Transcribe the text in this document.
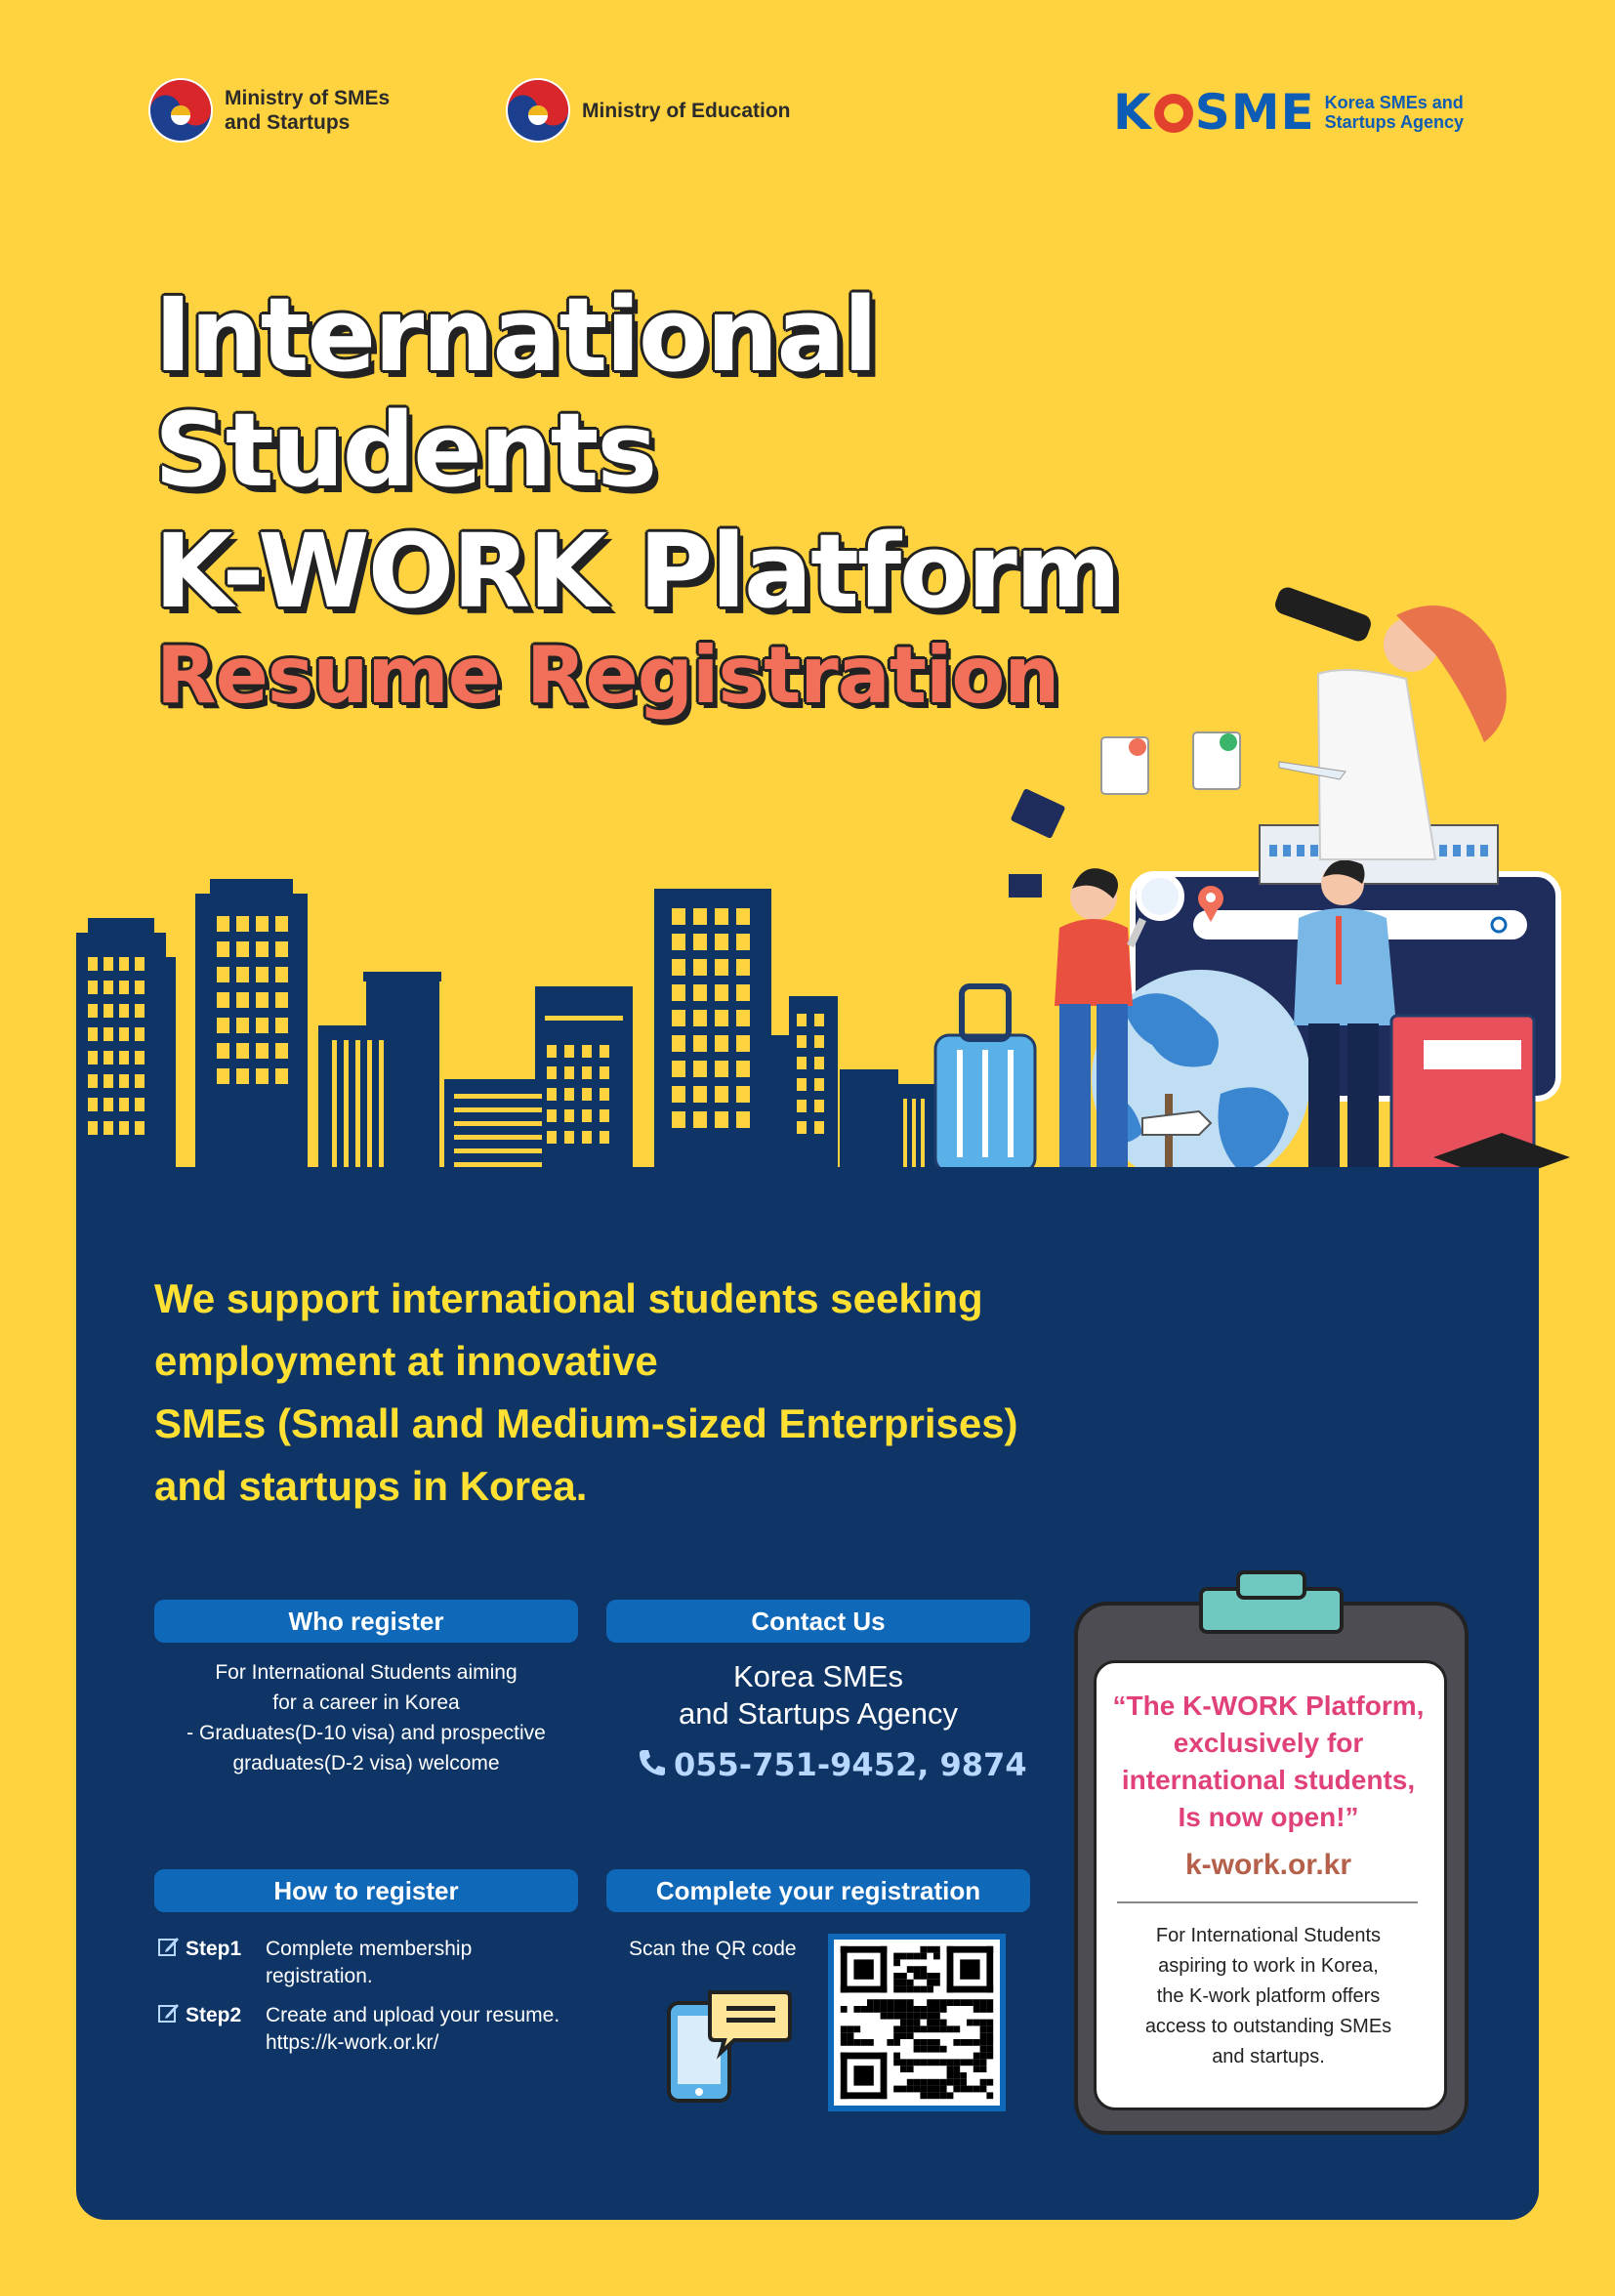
Ministry of SMEs
and Startups
Ministry of Education	K SME Korea SMEs and
Startups Agency
International
Students
K-WORK Platform
Resume Registration
We support international students seeking
employment at innovative
SMEs (Small and Medium-sized Enterprises)
and startups in Korea.
Who register
For International Students aiming
for a career in Korea
- Graduates(D-10 visa) and prospective
graduates(D-2 visa) welcome
Contact Us
Korea SMEs
and Startups Agency
055-751-9452, 9874
How to register
Step1 Complete membership
registration.
Step2 Create and upload your resume.
https://k-work.or.kr/
Complete your registration
Scan the QR code
“The K-WORK Platform,
exclusively for
international students,
Is now open!”
k-work.or.kr
For International Students
aspiring to work in Korea,
the K-work platform offers
access to outstanding SMEs
and startups.
